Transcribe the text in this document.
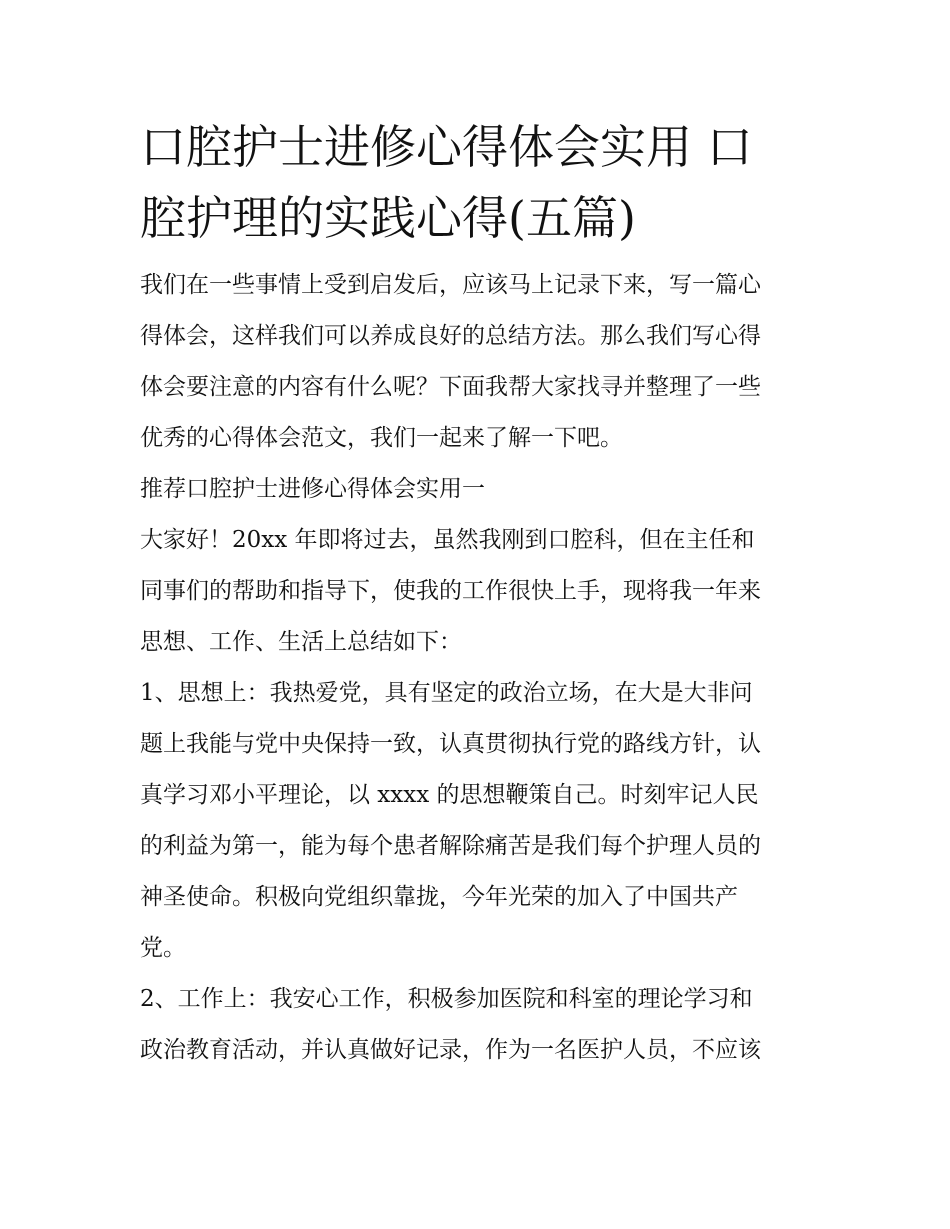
口腔护士进修心得体会实用 口
腔护理的实践心得(五篇)

我们在一些事情上受到启发后，应该马上记录下来，写一篇心
得体会，这样我们可以养成良好的总结方法。那么我们写心得
体会要注意的内容有什么呢？下面我帮大家找寻并整理了一些
优秀的心得体会范文，我们一起来了解一下吧。

推荐口腔护士进修心得体会实用一

大家好！20xx 年即将过去，虽然我刚到口腔科，但在主任和
同事们的帮助和指导下，使我的工作很快上手，现将我一年来
思想、工作、生活上总结如下：

1、思想上：我热爱党，具有坚定的政治立场，在大是大非问
题上我能与党中央保持一致，认真贯彻执行党的路线方针，认
真学习邓小平理论，以 xxxx 的思想鞭策自己。时刻牢记人民
的利益为第一，能为每个患者解除痛苦是我们每个护理人员的
神圣使命。积极向党组织靠拢，今年光荣的加入了中国共产
党。

2、工作上：我安心工作，积极参加医院和科室的理论学习和
政治教育活动，并认真做好记录，作为一名医护人员，不应该
